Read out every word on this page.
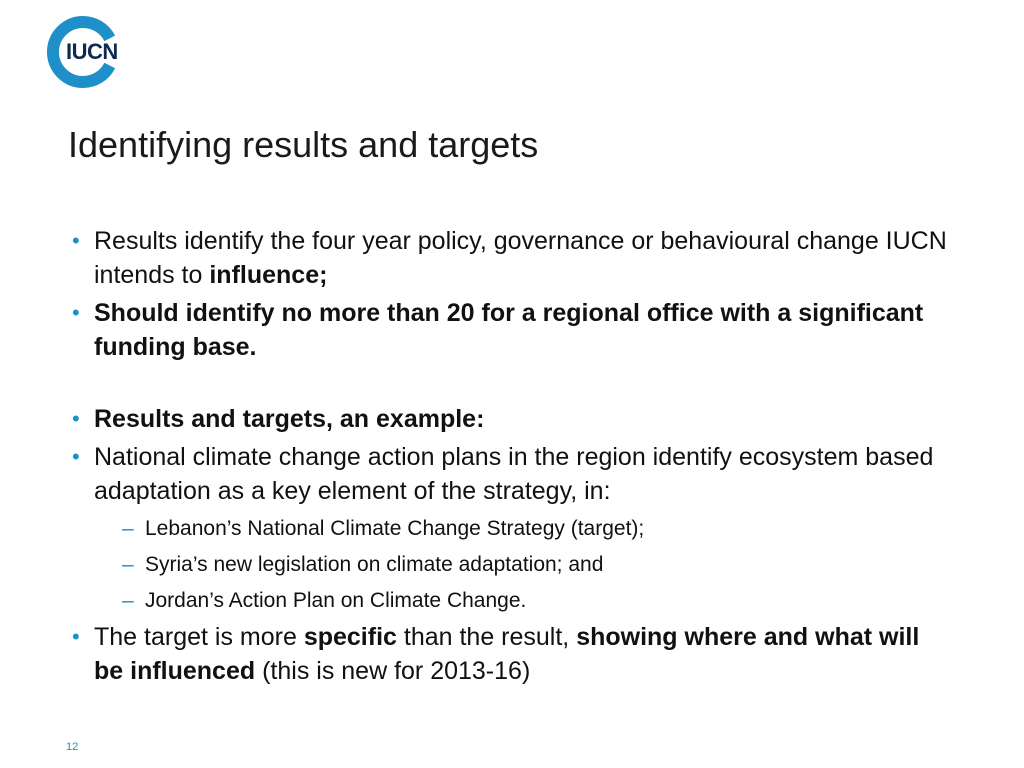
IUCN
Identifying results and targets
• Results identify the four year policy, governance or behavioural change IUCN intends to influence;
• Should identify no more than 20 for a regional office with a significant funding base.
• Results and targets, an example:
• National climate change action plans in the region identify ecosystem based adaptation as a key element of the strategy, in:
– Lebanon’s National Climate Change Strategy (target);
– Syria’s new legislation on climate adaptation; and
– Jordan’s Action Plan on Climate Change.
• The target is more specific than the result, showing where and what will be influenced (this is new for 2013-16)
12
